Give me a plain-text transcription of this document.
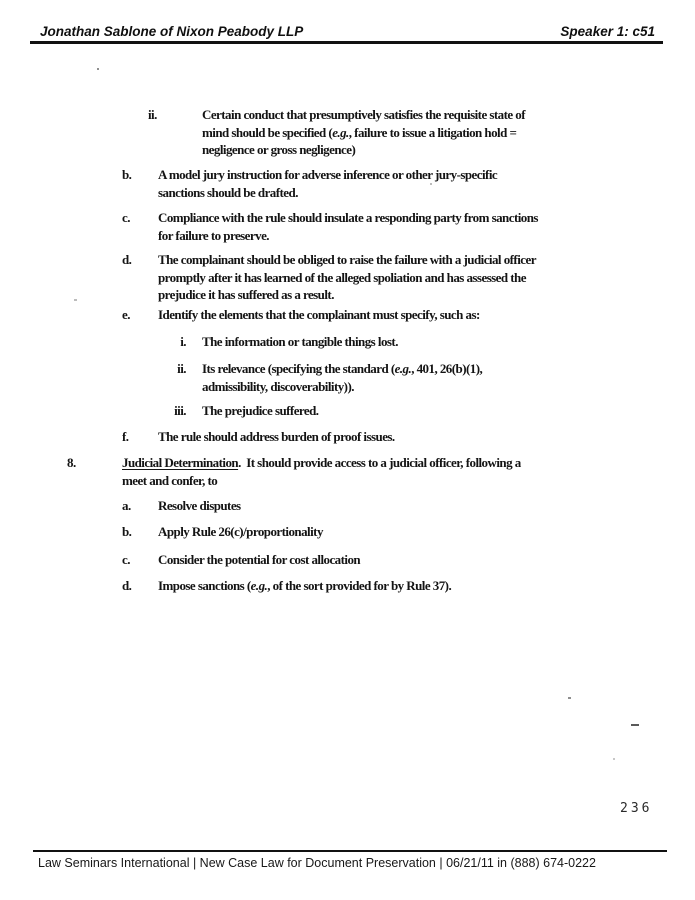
Jonathan Sablone of Nixon Peabody LLP	Speaker 1: c51
ii.	Certain conduct that presumptively satisfies the requisite state of
mind should be specified (e.g., failure to issue a litigation hold =
negligence or gross negligence)
b.	A model jury instruction for adverse inference or other jury-specific
sanctions should be drafted.
c.	Compliance with the rule should insulate a responding party from sanctions
for failure to preserve.
d.	The complainant should be obliged to raise the failure with a judicial officer
promptly after it has learned of the alleged spoliation and has assessed the
prejudice it has suffered as a result.
e.	Identify the elements that the complainant must specify, such as:
i. The information or tangible things lost.
ii. Its relevance (specifying the standard (e.g., 401, 26(b)(1),
admissibility, discoverability)).
iii. The prejudice suffered.
f.	The rule should address burden of proof issues.
8.	Judicial Determination.  It should provide access to a judicial officer, following a
meet and confer, to
a.	Resolve disputes
b.	Apply Rule 26(c)/proportionality
c.	Consider the potential for cost allocation
d.	Impose sanctions (e.g., of the sort provided for by Rule 37).
236
Law Seminars International | New Case Law for Document Preservation | 06/21/11 in (888) 674-0222
